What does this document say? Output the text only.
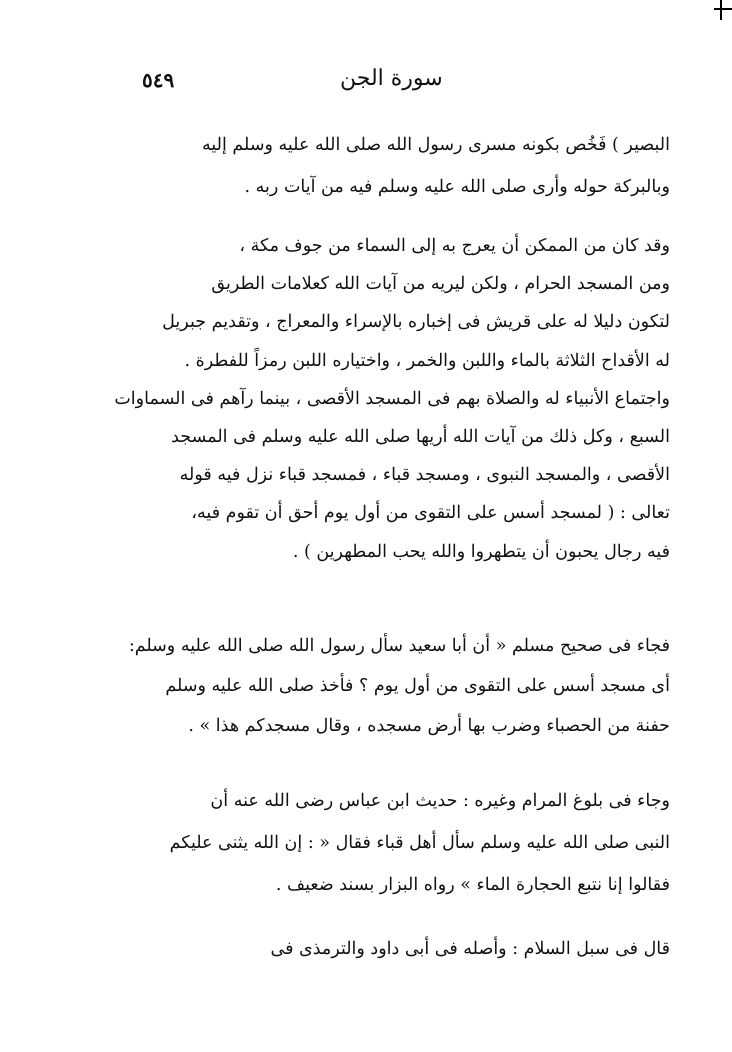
٥٤٩	سورة الجن
البصير ) فَخُص بكونه مسرى رسول الله صلى الله عليه وسلم إليه
وبالبركة حوله وأرى صلى الله عليه وسلم فيه من آيات ربه .
وقد كان من الممكن أن يعرج به إلى السماء من جوف مكة ،
ومن المسجد الحرام ، ولكن ليريه من آيات الله كعلامات الطريق
لتكون دليلا له على قريش فى إخباره بالإسراء والمعراج ، وتقديم جبريل
له الأقداح الثلاثة بالماء واللبن والخمر ، واختياره اللبن رمزاً للفطرة .
واجتماع الأنبياء له والصلاة بهم فى المسجد الأقصى ، بينما رآهم فى السماوات
السبع ، وكل ذلك من آيات الله أريها صلى الله عليه وسلم فى المسجد
الأقصى ، والمسجد النبوى ، ومسجد قباء ، فمسجد قباء نزل فيه قوله
تعالى : ( لمسجد أسس على التقوى من أول يوم أحق أن تقوم فيه،
فيه رجال يحبون أن يتطهروا والله يحب المطهرين ) .
فجاء فى صحيح مسلم « أن أبا سعيد سأل رسول الله صلى الله عليه وسلم:
أى مسجد أسس على التقوى من أول يوم ؟ فأخذ صلى الله عليه وسلم
حفنة من الحصباء وضرب بها أرض مسجده ، وقال مسجدكم هذا » .
وجاء فى بلوغ المرام وغيره : حديث ابن عباس رضى الله عنه أن
النبى صلى الله عليه وسلم سأل أهل قباء فقال « : إن الله يثنى عليكم
فقالوا إنا نتبع الحجارة الماء » رواه البزار بسند ضعيف .
قال فى سبل السلام : وأصله فى أبى داود والترمذى فى
